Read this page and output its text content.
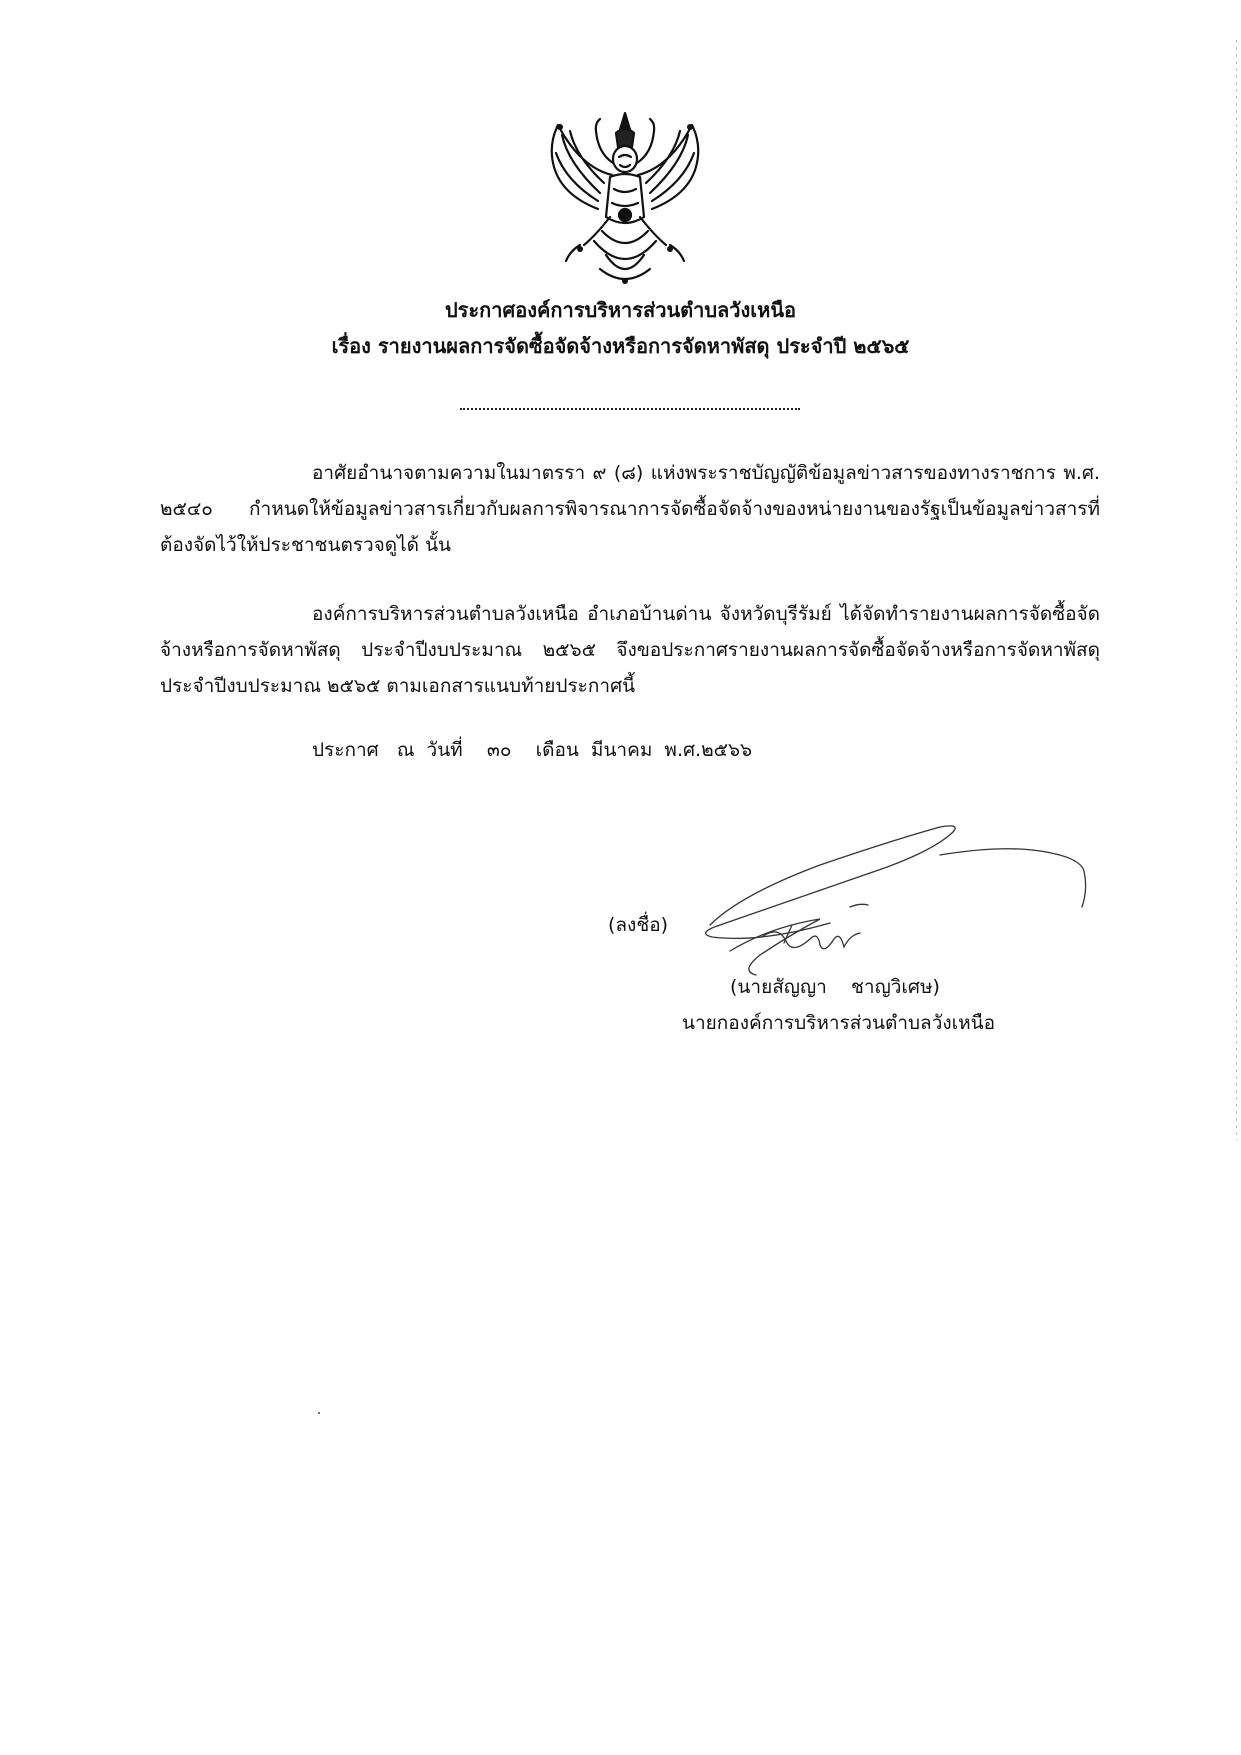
ประกาศองค์การบริหารส่วนตำบลวังเหนือ
เรื่อง รายงานผลการจัดซื้อจัดจ้างหรือการจัดหาพัสดุ ประจำปี ๒๕๖๕
อาศัยอำนาจตามความในมาตรรา ๙ (๘) แห่งพระราชบัญญัติข้อมูลข่าวสารของทางราชการ พ.ศ. ๒๕๔๐ กำหนดให้ข้อมูลข่าวสารเกี่ยวกับผลการพิจารณาการจัดซื้อจัดจ้างของหน่ายงานของรัฐเป็นข้อมูลข่าวสารที่ต้องจัดไว้ให้ประชาชนตรวจดูได้ นั้น
องค์การบริหารส่วนตำบลวังเหนือ อำเภอบ้านด่าน จังหวัดบุรีรัมย์ ได้จัดทำรายงานผลการจัดซื้อจัดจ้างหรือการจัดหาพัสดุ ประจำปีงบประมาณ ๒๕๖๕ จึงขอประกาศรายงานผลการจัดซื้อจัดจ้างหรือการจัดหาพัสดุ ประจำปีงบประมาณ ๒๕๖๕ ตามเอกสารแนบท้ายประกาศนี้
ประกาศ   ณ  วันที่    ๓๐    เดือน  มีนาคม  พ.ศ.๒๕๖๖
(ลงชื่อ)
(นายสัญญา    ชาญวิเศษ)
นายกองค์การบริหารส่วนตำบลวังเหนือ
